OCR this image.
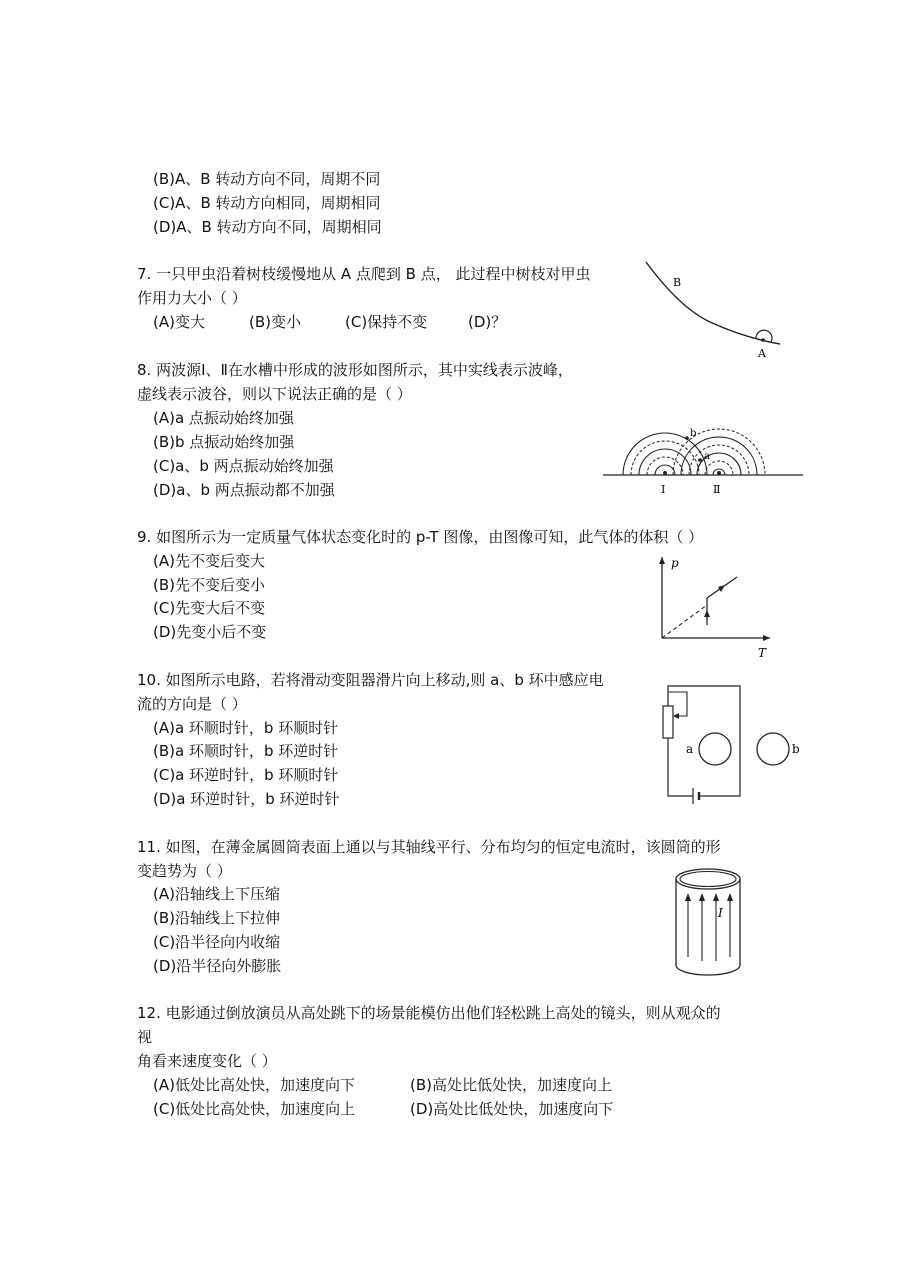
(B)A、B 转动方向不同，周期不同
(C)A、B 转动方向相同，周期相同
(D)A、B 转动方向不同，周期相同
7. 一只甲虫沿着树枝缓慢地从 A 点爬到 B 点， 此过程中树枝对甲虫
作用力大小（ ）
(A)变大	(B)变小	(C)保持不变	(D)？
B
A
8. 两波源Ⅰ、Ⅱ在水槽中形成的波形如图所示，其中实线表示波峰，
虚线表示波谷，则以下说法正确的是（ ）
(A)a 点振动始终加强
(B)b 点振动始终加强
(C)a、b 两点振动始终加强
(D)a、b 两点振动都不加强
b
a
Ⅰ	Ⅱ
9. 如图所示为一定质量气体状态变化时的 p-T 图像，由图像可知，此气体的体积（ ）
(A)先不变后变大
(B)先不变后变小
(C)先变大后不变
(D)先变小后不变
p
T
10. 如图所示电路，若将滑动变阻器滑片向上移动,则 a、b 环中感应电
流的方向是（ ）
(A)a 环顺时针，b 环顺时针
(B)a 环顺时针，b 环逆时针
(C)a 环逆时针，b 环顺时针
(D)a 环逆时针，b 环逆时针
a	b
11. 如图，在薄金属圆筒表面上通以与其轴线平行、分布均匀的恒定电流时，该圆筒的形
变趋势为（ ）
(A)沿轴线上下压缩
(B)沿轴线上下拉伸
(C)沿半径向内收缩
(D)沿半径向外膨胀
I
12. 电影通过倒放演员从高处跳下的场景能模仿出他们轻松跳上高处的镜头，则从观众的
视
角看来速度变化（ ）
(A)低处比高处快，加速度向下	(B)高处比低处快，加速度向上
(C)低处比高处快，加速度向上	(D)高处比低处快，加速度向下
